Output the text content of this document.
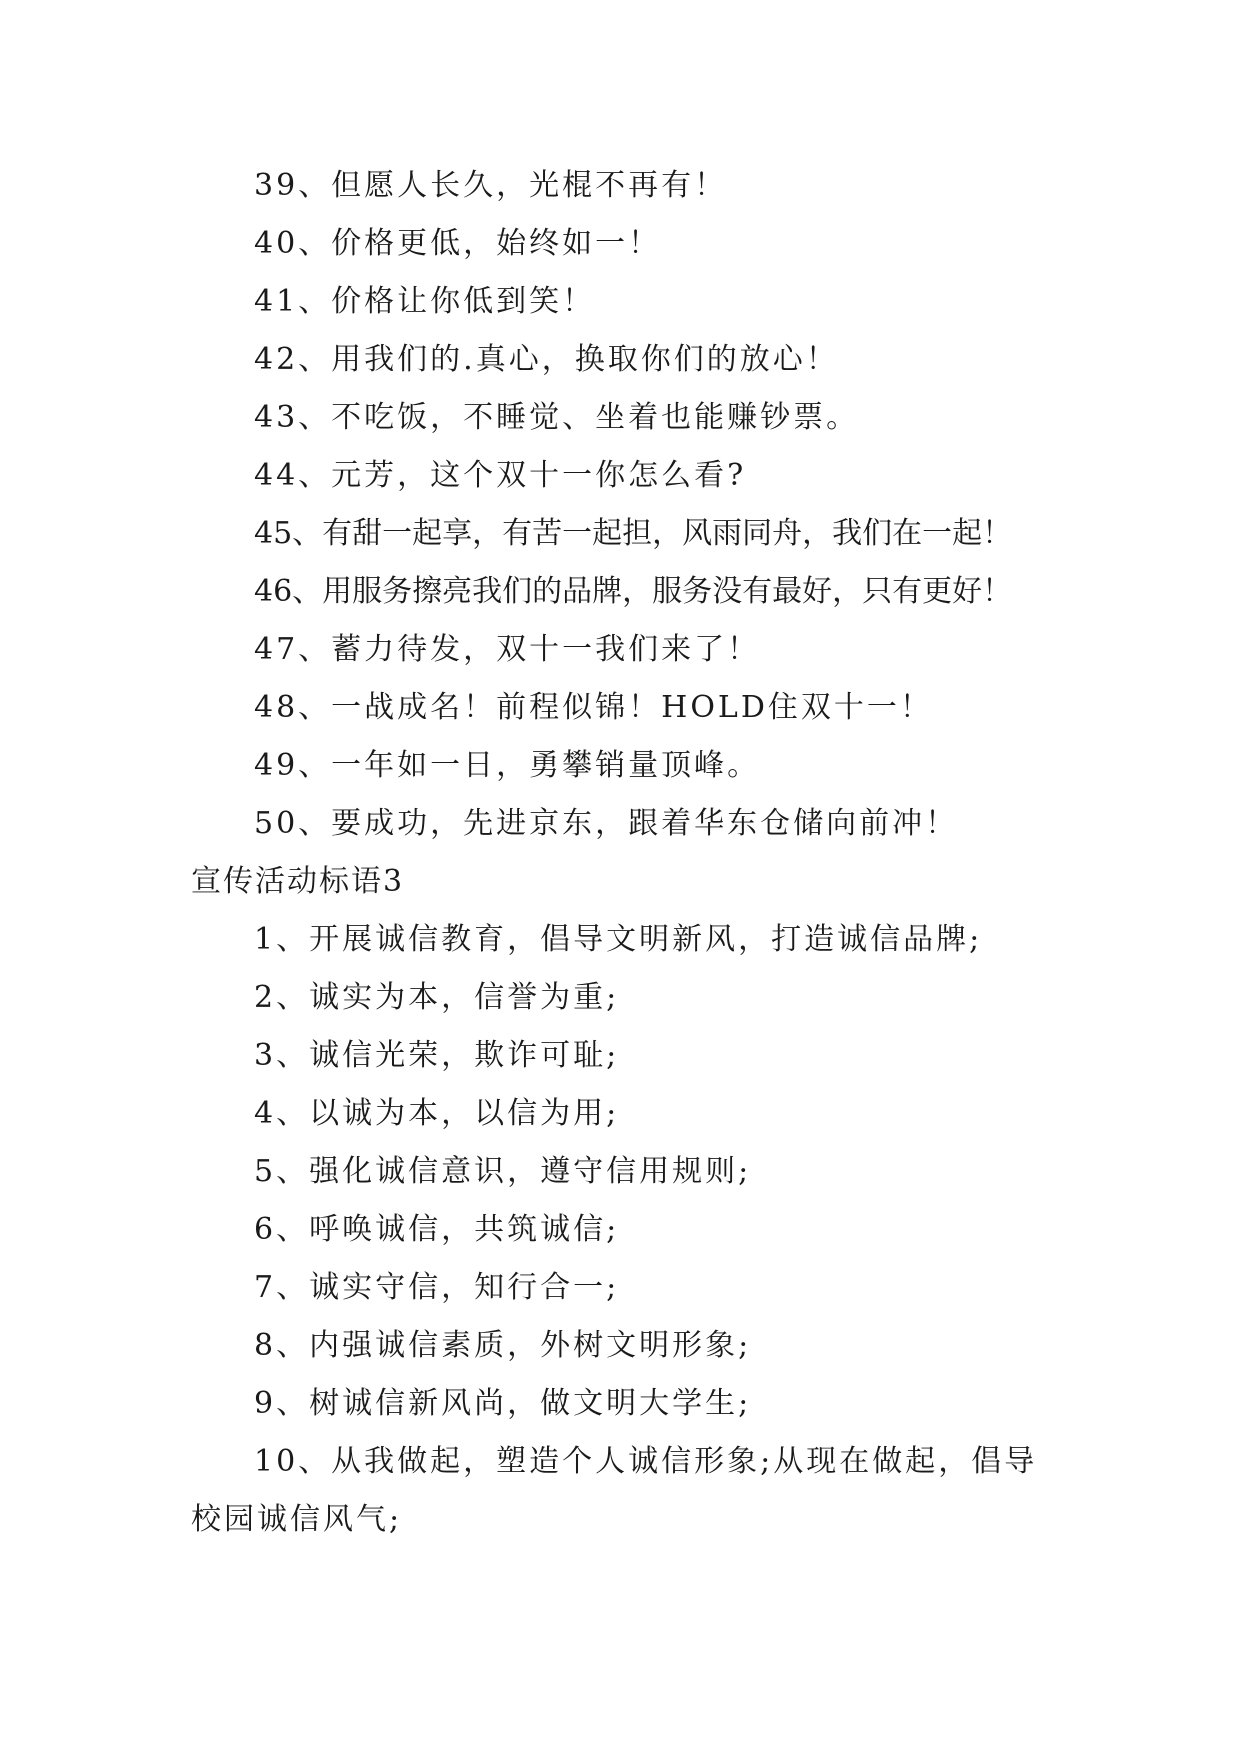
39、但愿人长久，光棍不再有！
40、价格更低，始终如一！
41、价格让你低到笑！
42、用我们的.真心，换取你们的放心！
43、不吃饭，不睡觉、坐着也能赚钞票。
44、元芳，这个双十一你怎么看?
45、有甜一起享，有苦一起担，风雨同舟，我们在一起！
46、用服务擦亮我们的品牌，服务没有最好，只有更好！
47、蓄力待发，双十一我们来了！
48、一战成名！前程似锦！HOLD住双十一！
49、一年如一日，勇攀销量顶峰。
50、要成功，先进京东，跟着华东仓储向前冲！
宣传活动标语3
1、开展诚信教育，倡导文明新风，打造诚信品牌;
2、诚实为本，信誉为重;
3、诚信光荣，欺诈可耻;
4、以诚为本，以信为用;
5、强化诚信意识，遵守信用规则;
6、呼唤诚信，共筑诚信;
7、诚实守信，知行合一;
8、内强诚信素质，外树文明形象;
9、树诚信新风尚，做文明大学生;
10、从我做起，塑造个人诚信形象;从现在做起，倡导
校园诚信风气;
